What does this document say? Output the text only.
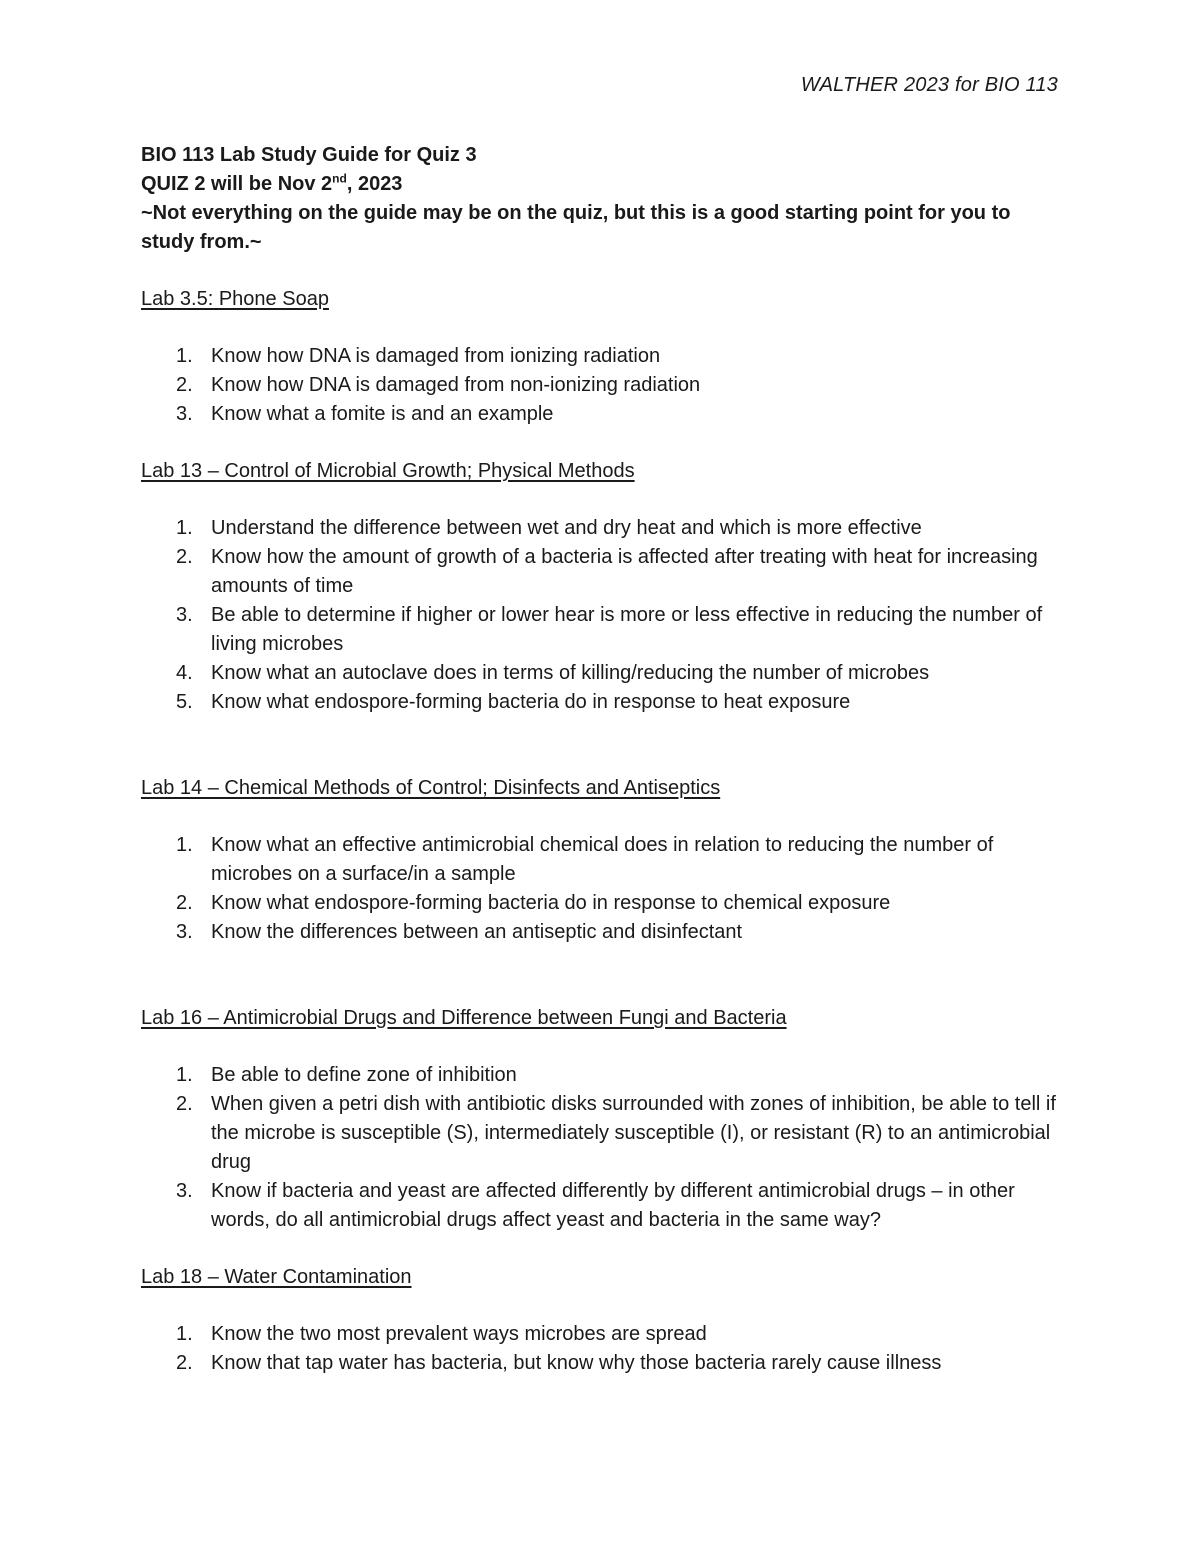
WALTHER 2023 for BIO 113

BIO 113 Lab Study Guide for Quiz 3

QUIZ 2 will be Nov 2nd, 2023

~Not everything on the guide may be on the quiz, but this is a good starting point for you to study from.~

Lab 3.5: Phone Soap

1. Know how DNA is damaged from ionizing radiation
2. Know how DNA is damaged from non-ionizing radiation
3. Know what a fomite is and an example

Lab 13 – Control of Microbial Growth; Physical Methods

1. Understand the difference between wet and dry heat and which is more effective
2. Know how the amount of growth of a bacteria is affected after treating with heat for increasing amounts of time
3. Be able to determine if higher or lower hear is more or less effective in reducing the number of living microbes
4. Know what an autoclave does in terms of killing/reducing the number of microbes
5. Know what endospore-forming bacteria do in response to heat exposure

Lab 14 – Chemical Methods of Control; Disinfects and Antiseptics

1. Know what an effective antimicrobial chemical does in relation to reducing the number of microbes on a surface/in a sample
2. Know what endospore-forming bacteria do in response to chemical exposure
3. Know the differences between an antiseptic and disinfectant

Lab 16 – Antimicrobial Drugs and Difference between Fungi and Bacteria

1. Be able to define zone of inhibition
2. When given a petri dish with antibiotic disks surrounded with zones of inhibition, be able to tell if the microbe is susceptible (S), intermediately susceptible (I), or resistant (R) to an antimicrobial drug
3. Know if bacteria and yeast are affected differently by different antimicrobial drugs – in other words, do all antimicrobial drugs affect yeast and bacteria in the same way?

Lab 18 – Water Contamination

1. Know the two most prevalent ways microbes are spread
2. Know that tap water has bacteria, but know why those bacteria rarely cause illness
